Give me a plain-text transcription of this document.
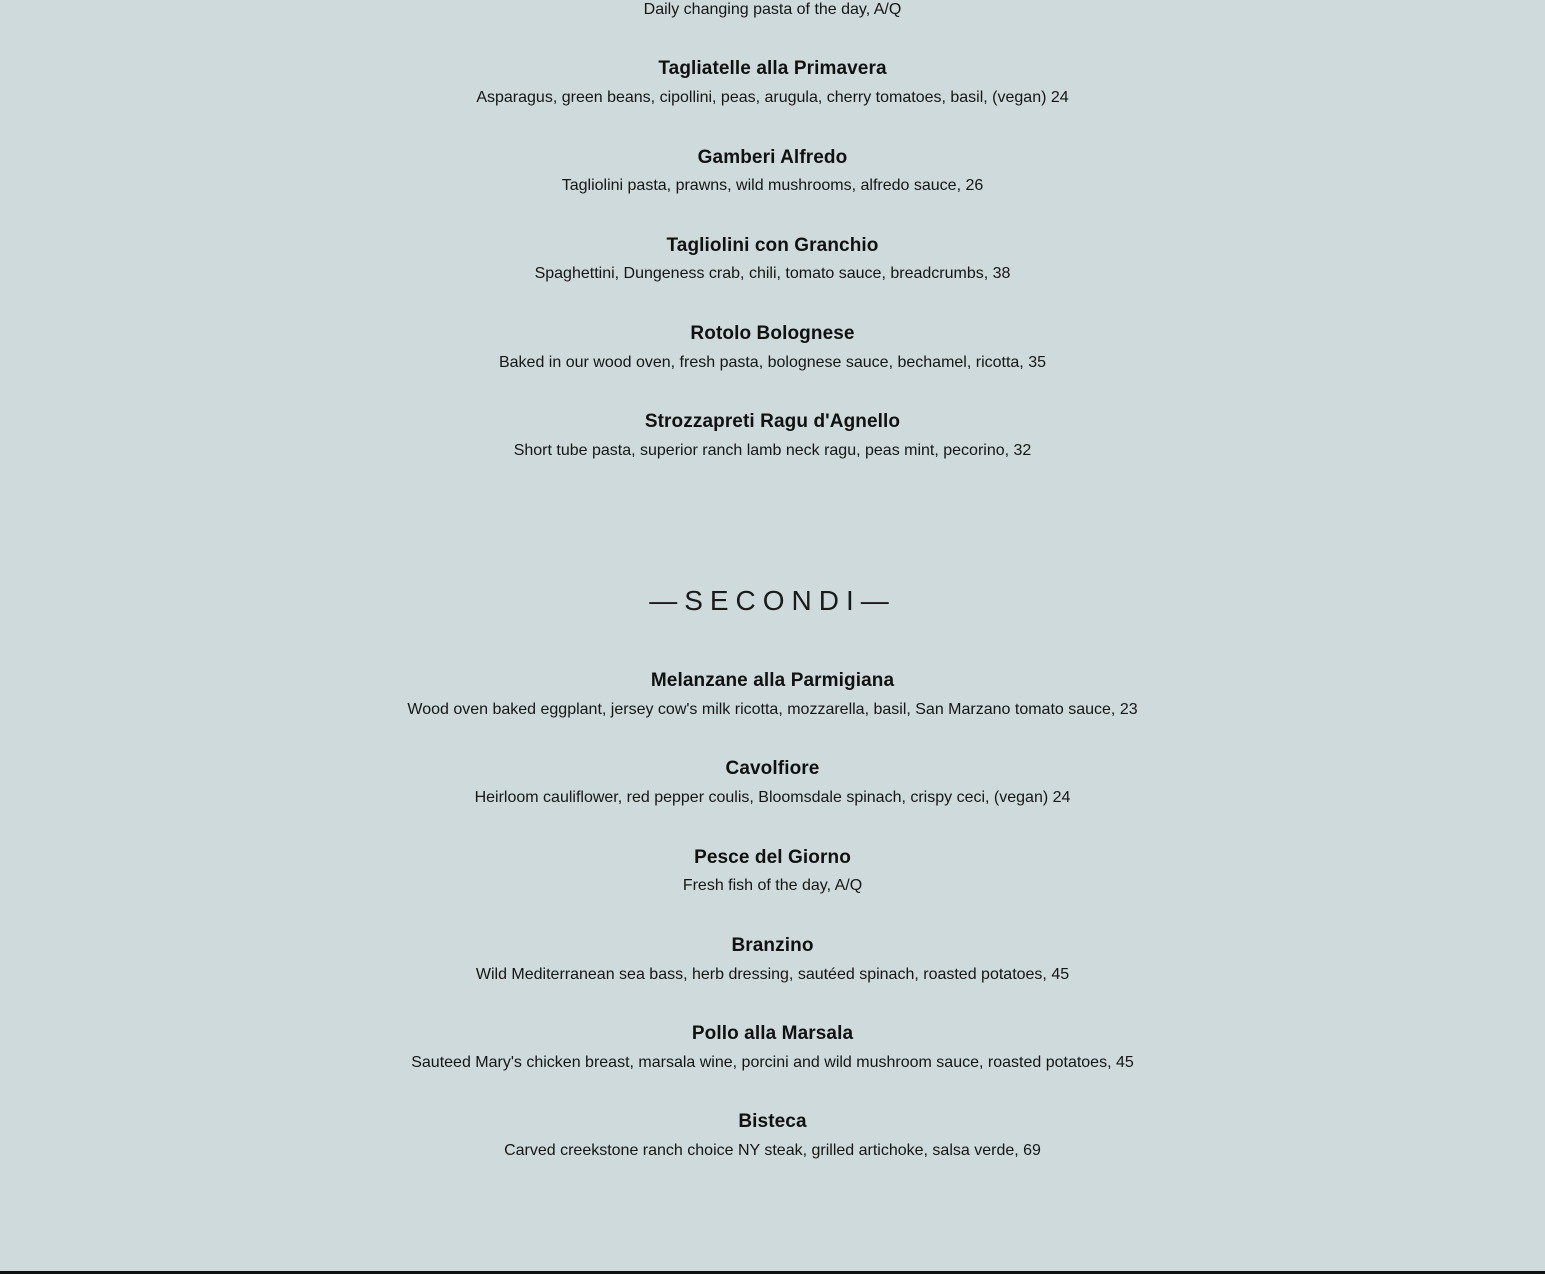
Daily changing pasta of the day, A/Q
Tagliatelle alla Primavera
Asparagus, green beans, cipollini, peas, arugula, cherry tomatoes, basil, (vegan) 24
Gamberi Alfredo
Tagliolini pasta, prawns, wild mushrooms, alfredo sauce, 26
Tagliolini con Granchio
Spaghettini, Dungeness crab, chili, tomato sauce, breadcrumbs, 38
Rotolo Bolognese
Baked in our wood oven, fresh pasta, bolognese sauce, bechamel, ricotta, 35
Strozzapreti Ragu d'Agnello
Short tube pasta, superior ranch lamb neck ragu, peas mint, pecorino, 32
—SECONDI—
Melanzane alla Parmigiana
Wood oven baked eggplant, jersey cow's milk ricotta, mozzarella, basil, San Marzano tomato sauce, 23
Cavolfiore
Heirloom cauliflower, red pepper coulis, Bloomsdale spinach, crispy ceci, (vegan) 24
Pesce del Giorno
Fresh fish of the day, A/Q
Branzino
Wild Mediterranean sea bass, herb dressing, sautéed spinach, roasted potatoes, 45
Pollo alla Marsala
Sauteed Mary's chicken breast, marsala wine, porcini and wild mushroom sauce, roasted potatoes, 45
Bisteca
Carved creekstone ranch choice NY steak, grilled artichoke, salsa verde, 69
